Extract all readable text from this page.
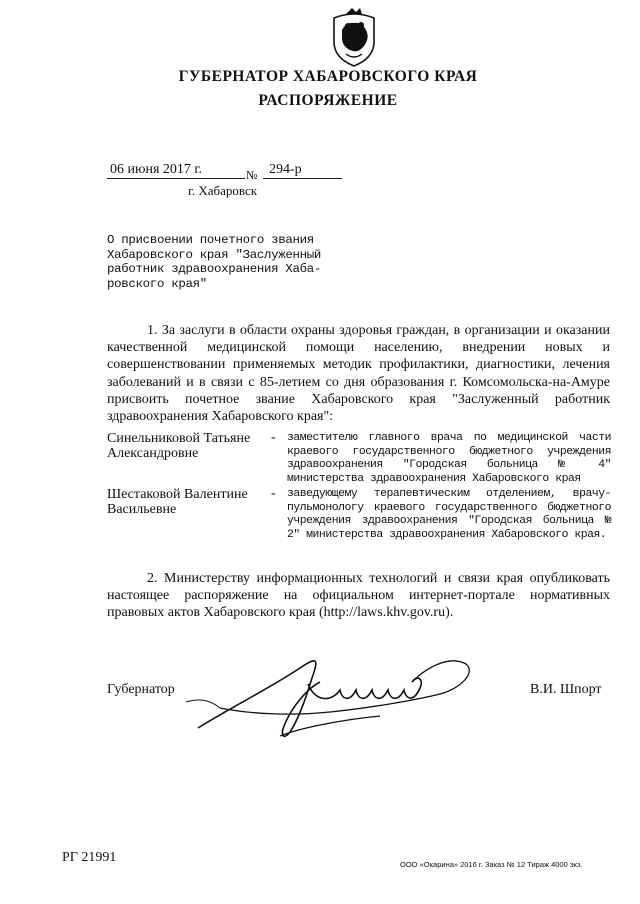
ГУБЕРНАТОР ХАБАРОВСКОГО КРАЯ
РАСПОРЯЖЕНИЕ
06 июня 2017 г.	№ 294-р
г. Хабаровск
О присвоении почетного звания
Хабаровского края "Заслуженный
работник здравоохранения Хаба-
ровского края"
1. За заслуги в области охраны здоровья граждан, в организации и оказании качественной медицинской помощи населению, внедрении новых и совершенствовании применяемых методик профилактики, диагностики, лечения заболеваний и в связи с 85-летием со дня образования г. Комсомольска-на-Амуре присвоить почетное звание Хабаровского края "Заслуженный работник здравоохранения Хабаровского края":
Синельниковой Татьяне
Александровне
- заместителю главного врача по медицинской части краевого государственного бюджетного учреждения здравоохранения "Городская больница № 4" министерства здравоохранения Хабаровского края
Шестаковой Валентине
Васильевне
- заведующему терапевтическим отделением, врачу-пульмонологу краевого государственного бюджетного учреждения здравоохранения "Городская больница № 2" министерства здравоохранения Хабаровского края.
2. Министерству информационных технологий и связи края опубликовать настоящее распоряжение на официальном интернет-портале нормативных правовых актов Хабаровского края (http://laws.khv.gov.ru).
Губернатор	В.И. Шпорт
РГ 21991	ООО «Окарина» 2016 г. Заказ № 12 Тираж 4000 экз.
